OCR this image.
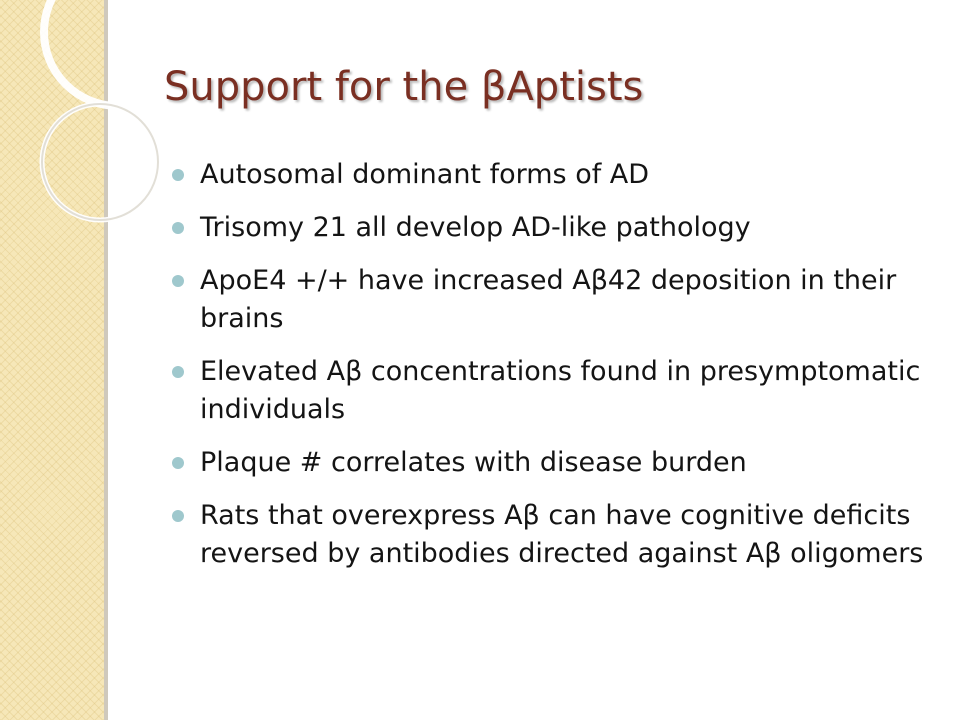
Support for the βAptists
Autosomal dominant forms of AD
Trisomy 21 all develop AD-like pathology
ApoE4 +/+ have increased Aβ42 deposition in their brains
Elevated Aβ concentrations found in presymptomatic individuals
Plaque # correlates with disease burden
Rats that overexpress Aβ can have cognitive deficits reversed by antibodies directed against Aβ oligomers
